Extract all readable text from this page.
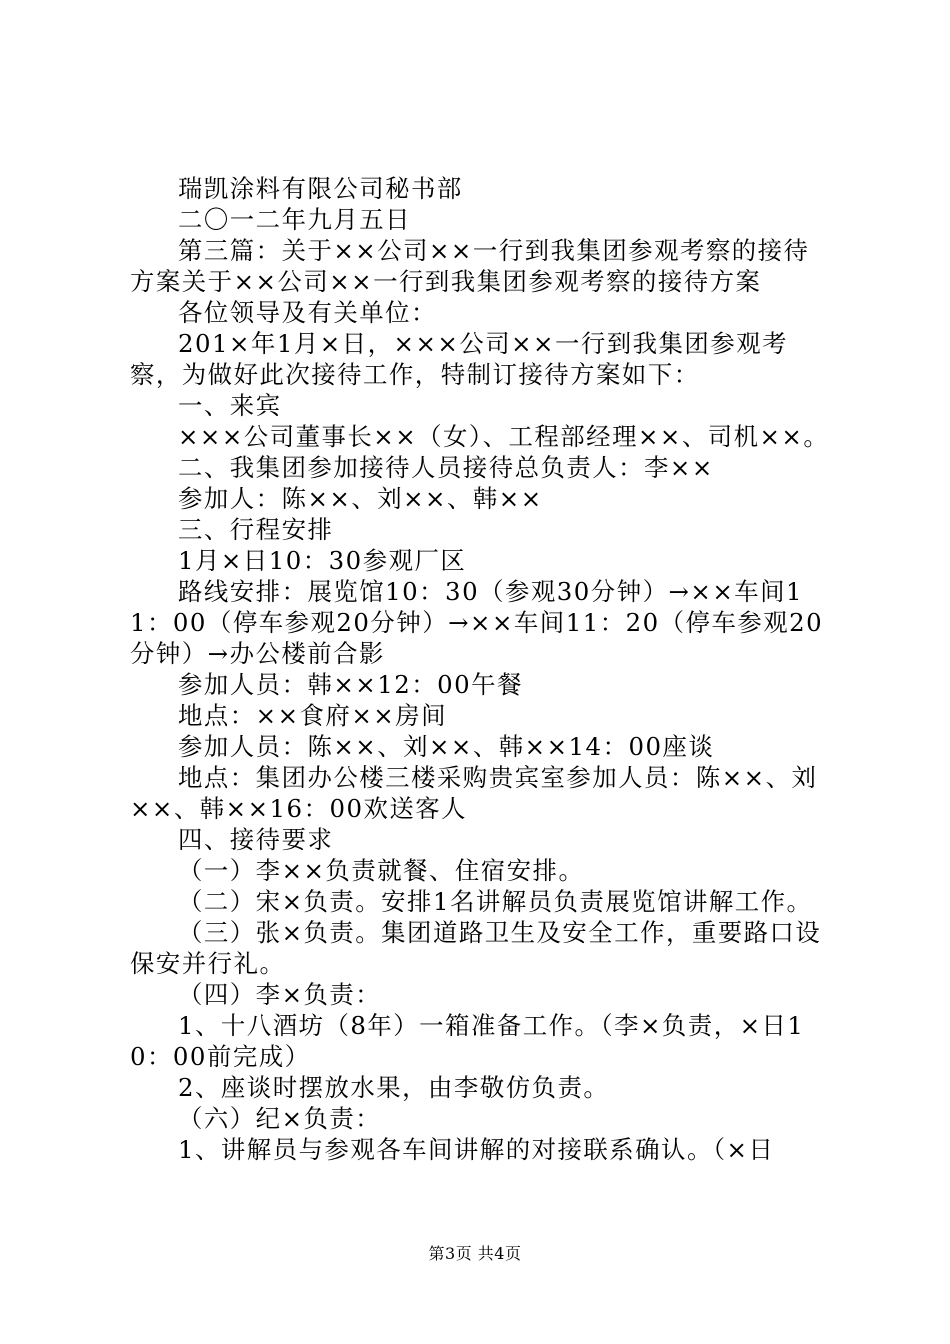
瑞凯涂料有限公司秘书部

二〇一二年九月五日

第三篇：关于××公司××一行到我集团参观考察的接待方案关于××公司××一行到我集团参观考察的接待方案

各位领导及有关单位：

201×年1月×日，×××公司××一行到我集团参观考察，为做好此次接待工作，特制订接待方案如下：

一、来宾

×××公司董事长××（女）、工程部经理××、司机××。

二、我集团参加接待人员接待总负责人：李××

参加人：陈××、刘××、韩××

三、行程安排

1月×日10：30参观厂区

路线安排：展览馆10：30（参观30分钟）→××车间11：00（停车参观20分钟）→××车间11：20（停车参观20分钟）→办公楼前合影

参加人员：韩××12：00午餐

地点：××食府××房间

参加人员：陈××、刘××、韩××14：00座谈

地点：集团办公楼三楼采购贵宾室参加人员：陈××、刘××、韩××16：00欢送客人

四、接待要求

（一）李××负责就餐、住宿安排。

（二）宋×负责。安排1名讲解员负责展览馆讲解工作。

（三）张×负责。集团道路卫生及安全工作，重要路口设保安并行礼。

（四）李×负责：

1、十八酒坊（8年）一箱准备工作。（李×负责，×日10：00前完成）

2、座谈时摆放水果，由李敬仿负责。

（六）纪×负责：

1、讲解员与参观各车间讲解的对接联系确认。（×日

第3页 共4页
